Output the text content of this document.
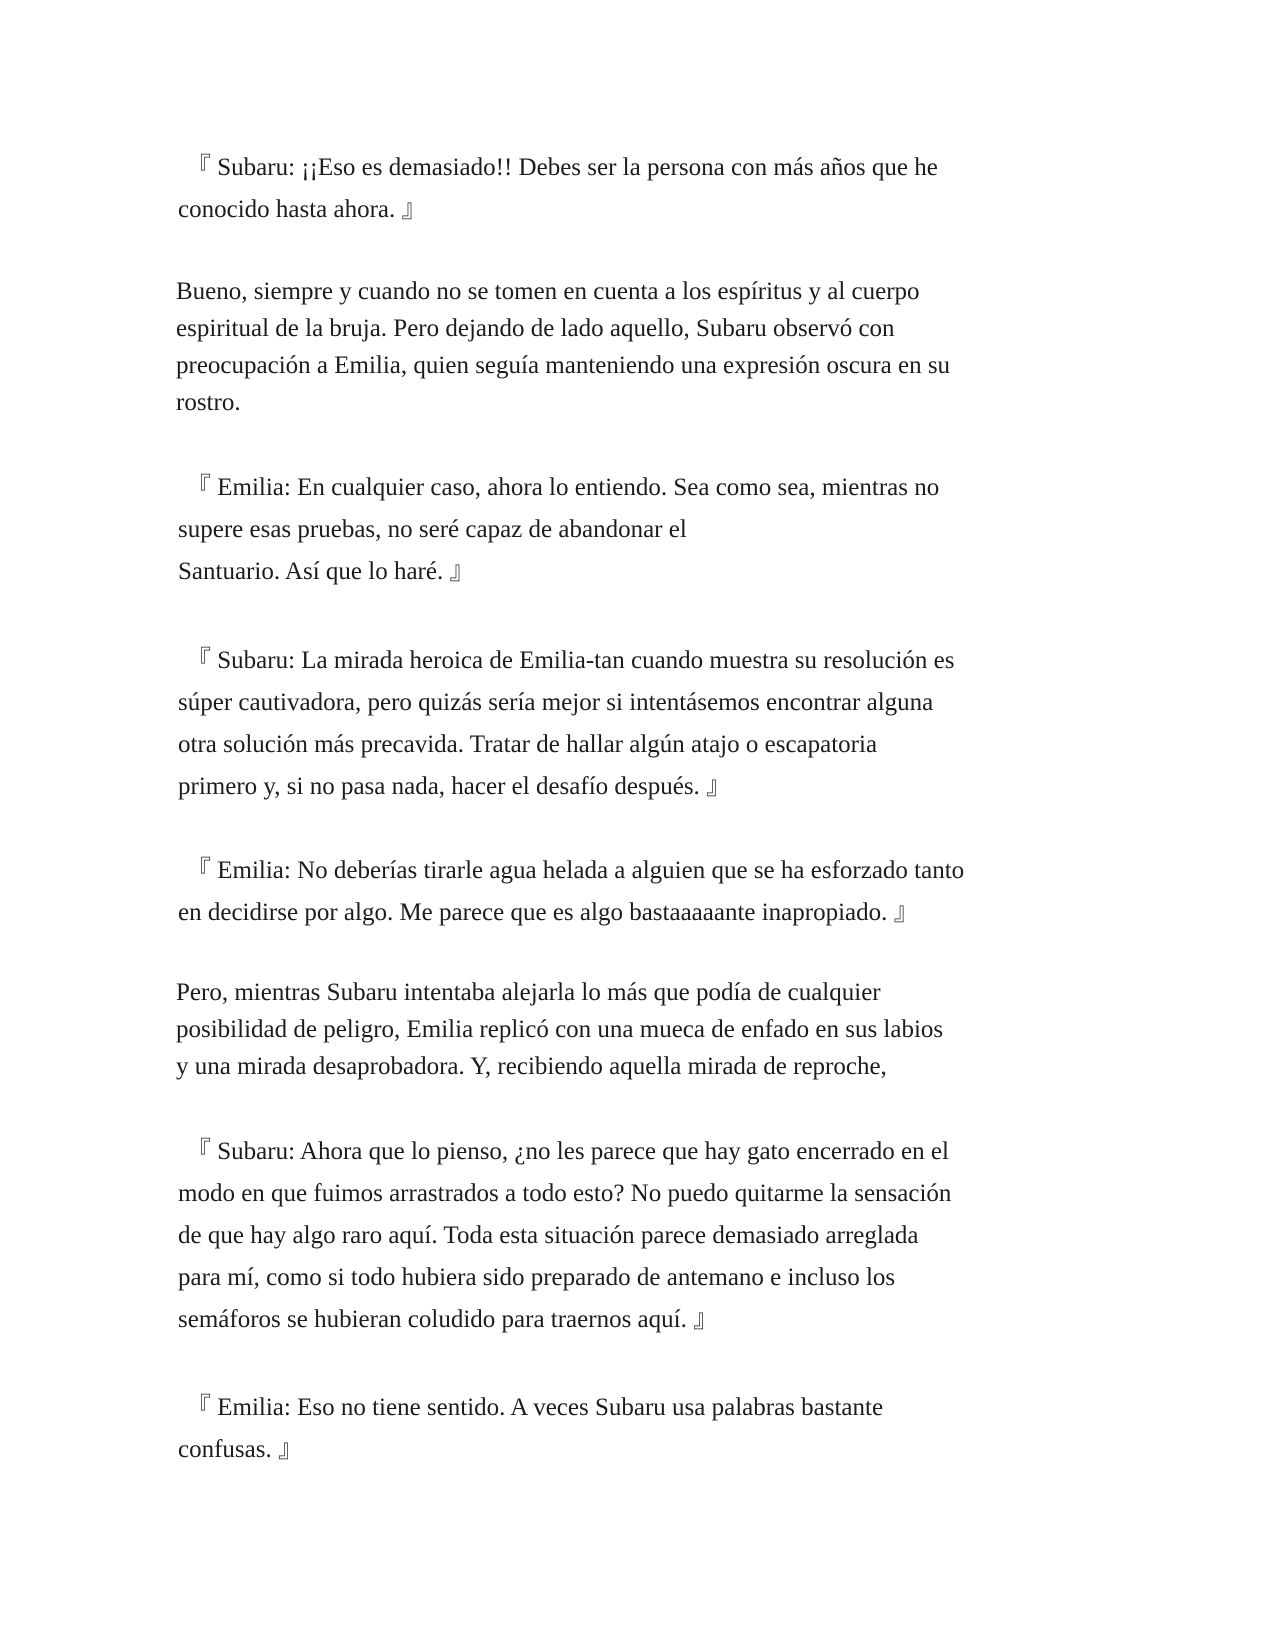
『 Subaru: ¡¡Eso es demasiado!! Debes ser la persona con más años que he
conocido hasta ahora. 』
Bueno, siempre y cuando no se tomen en cuenta a los espíritus y al cuerpo
espiritual de la bruja. Pero dejando de lado aquello, Subaru observó con
preocupación a Emilia, quien seguía manteniendo una expresión oscura en su
rostro.
『 Emilia: En cualquier caso, ahora lo entiendo. Sea como sea, mientras no
supere esas pruebas, no seré capaz de abandonar el
Santuario. Así que lo haré. 』
『 Subaru: La mirada heroica de Emilia-tan cuando muestra su resolución es
súper cautivadora, pero quizás sería mejor si intentásemos encontrar alguna
otra solución más precavida. Tratar de hallar algún atajo o escapatoria
primero y, si no pasa nada, hacer el desafío después. 』
『 Emilia: No deberías tirarle agua helada a alguien que se ha esforzado tanto
en decidirse por algo. Me parece que es algo bastaaaaante inapropiado. 』
Pero, mientras Subaru intentaba alejarla lo más que podía de cualquier
posibilidad de peligro, Emilia replicó con una mueca de enfado en sus labios
y una mirada desaprobadora. Y, recibiendo aquella mirada de reproche,
『 Subaru: Ahora que lo pienso, ¿no les parece que hay gato encerrado en el
modo en que fuimos arrastrados a todo esto? No puedo quitarme la sensación
de que hay algo raro aquí. Toda esta situación parece demasiado arreglada
para mí, como si todo hubiera sido preparado de antemano e incluso los
semáforos se hubieran coludido para traernos aquí. 』
『 Emilia: Eso no tiene sentido. A veces Subaru usa palabras bastante
confusas. 』
